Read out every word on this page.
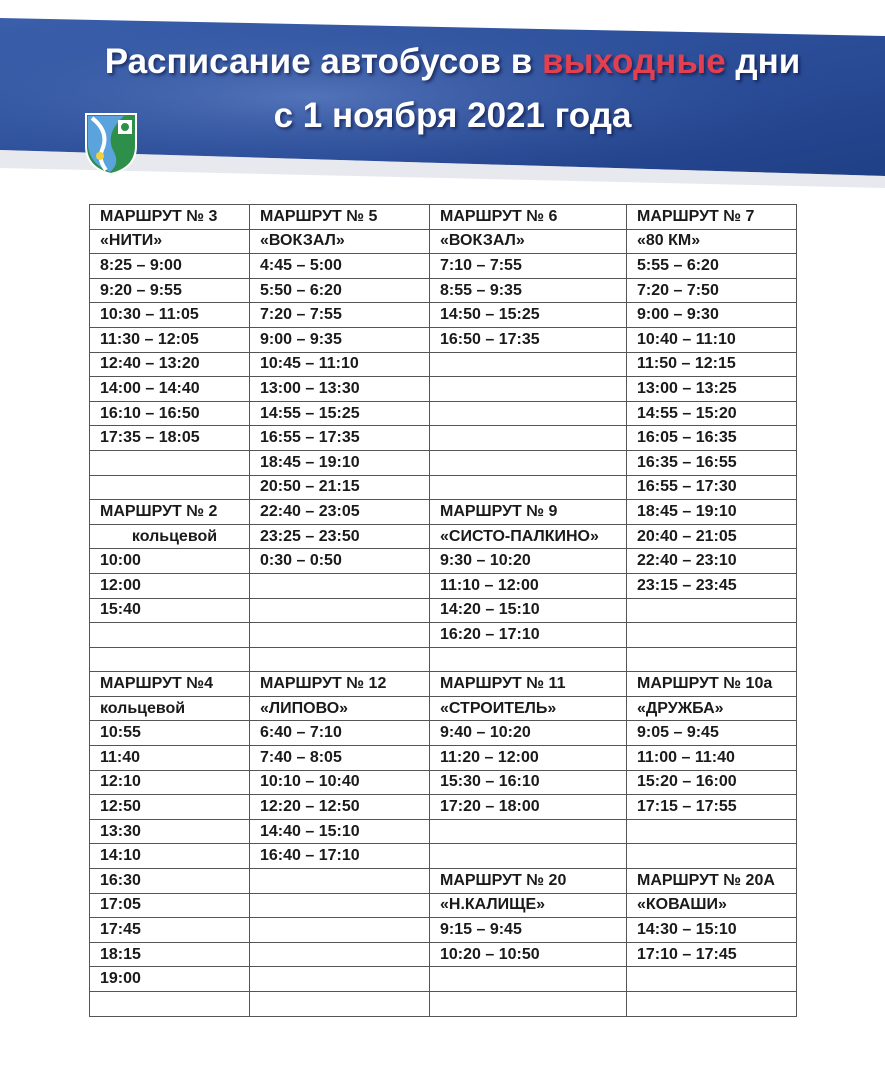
Расписание автобусов в выходные дни
с 1 ноября 2021 года
МАРШРУТ № 3	МАРШРУТ № 5	МАРШРУТ № 6	МАРШРУТ № 7
«НИТИ»	«ВОКЗАЛ»	«ВОКЗАЛ»	«80 КМ»
8:25 – 9:00	4:45 – 5:00	7:10 – 7:55	5:55 – 6:20
9:20 – 9:55	5:50 – 6:20	8:55 – 9:35	7:20 – 7:50
10:30 – 11:05	7:20 – 7:55	14:50 – 15:25	9:00 – 9:30
11:30 – 12:05	9:00 – 9:35	16:50 – 17:35	10:40 – 11:10
12:40 – 13:20	10:45 – 11:10		11:50 – 12:15
14:00 – 14:40	13:00 – 13:30		13:00 – 13:25
16:10 – 16:50	14:55 – 15:25		14:55 – 15:20
17:35 – 18:05	16:55 – 17:35		16:05 – 16:35
	18:45 – 19:10		16:35 – 16:55
	20:50 – 21:15		16:55 – 17:30
МАРШРУТ № 2	22:40 – 23:05	МАРШРУТ № 9	18:45 – 19:10
кольцевой	23:25 – 23:50	«СИСТО-ПАЛКИНО»	20:40 – 21:05
10:00	0:30 – 0:50	9:30 – 10:20	22:40 – 23:10
12:00		11:10 – 12:00	23:15 – 23:45
15:40		14:20 – 15:10	
		16:20 – 17:10	

МАРШРУТ №4	МАРШРУТ № 12	МАРШРУТ № 11	МАРШРУТ № 10а
кольцевой	«ЛИПОВО»	«СТРОИТЕЛЬ»	«ДРУЖБА»
10:55	6:40 – 7:10	9:40 – 10:20	9:05 – 9:45
11:40	7:40 – 8:05	11:20 – 12:00	11:00 – 11:40
12:10	10:10 – 10:40	15:30 – 16:10	15:20 – 16:00
12:50	12:20 – 12:50	17:20 – 18:00	17:15 – 17:55
13:30	14:40 – 15:10		
14:10	16:40 – 17:10		
16:30		МАРШРУТ № 20	МАРШРУТ № 20А
17:05		«Н.КАЛИЩЕ»	«КОВАШИ»
17:45		9:15 – 9:45	14:30 – 15:10
18:15		10:20 – 10:50	17:10 – 17:45
19:00			
